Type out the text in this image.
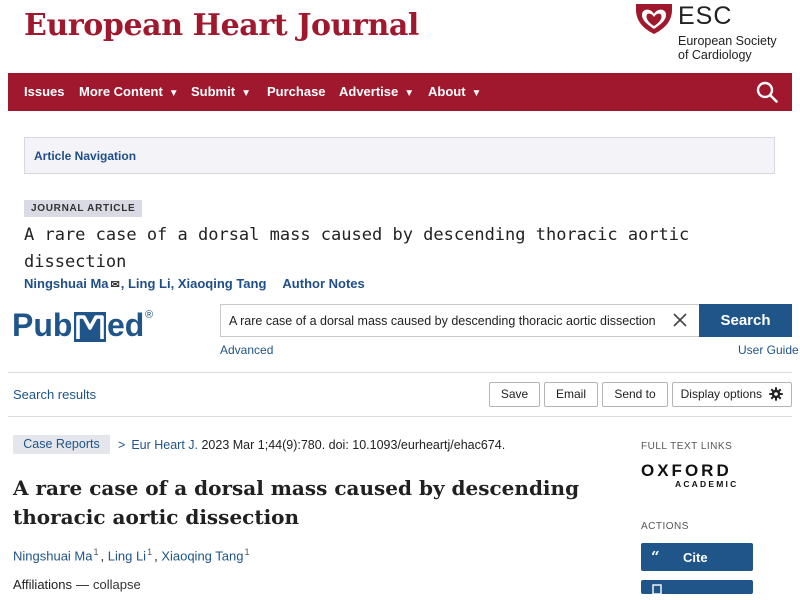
European Heart Journal	ESC
European Society
of Cardiology
Issues More Content ▼ Submit ▼ Purchase Advertise ▼ About ▼
Article Navigation
JOURNAL ARTICLE
A rare case of a dorsal mass caused by descending thoracic aortic dissection
Ningshuai Ma ✉, Ling Li, Xiaoqing Tang Author Notes
Pub ed ®
A rare case of a dorsal mass caused by descending thoracic aortic dissection	Search
Advanced	User Guide
Search results	Save	Email	Send to	Display options
Case Reports	> Eur Heart J. 2023 Mar 1;44(9):780. doi: 10.1093/eurheartj/ehac674.
A rare case of a dorsal mass caused by descending thoracic aortic dissection
Ningshuai Ma$^1$ , Ling Li$^1$ , Xiaoqing Tang$^1$
Affiliations — collapse
FULL TEXT LINKS
OXFORD
ACADEMIC
ACTIONS
“ Cite
